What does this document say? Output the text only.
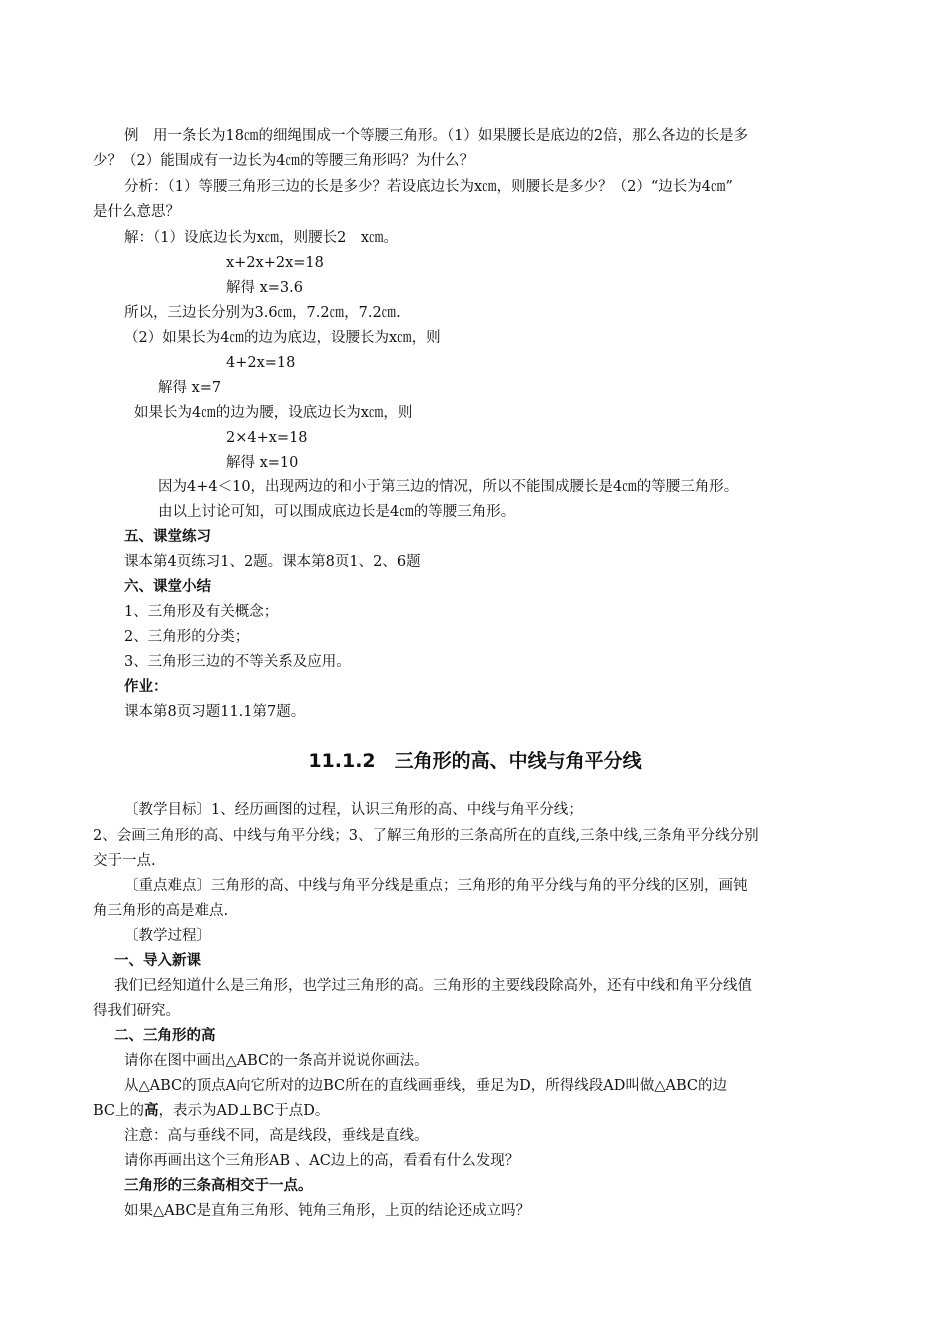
例　用一条长为18㎝的细绳围成一个等腰三角形。（1）如果腰长是底边的2倍，那么各边的长是多
少？（2）能围成有一边长为4㎝的等腰三角形吗？为什么？
分析：（1）等腰三角形三边的长是多少？若设底边长为x㎝，则腰长是多少？（2）“边长为4㎝”
是什么意思？
解：（1）设底边长为x㎝，则腰长2　x㎝。
x+2x+2x=18
解得 x=3.6
所以，三边长分别为3.6㎝，7.2㎝，7.2㎝.
（2）如果长为4㎝的边为底边，设腰长为x㎝，则
4+2x=18
解得 x=7
如果长为4㎝的边为腰，设底边长为x㎝，则
2×4+x=18
解得 x=10
因为4+4＜10，出现两边的和小于第三边的情况，所以不能围成腰长是4㎝的等腰三角形。
由以上讨论可知，可以围成底边长是4㎝的等腰三角形。
五、课堂练习
课本第4页练习1、2题。课本第8页1、2、6题
六、课堂小结
1、三角形及有关概念；
2、三角形的分类；
3、三角形三边的不等关系及应用。
作业：
课本第8页习题11.1第7题。
11.1.2　三角形的高、中线与角平分线
〔教学目标〕1、经历画图的过程，认识三角形的高、中线与角平分线；
2、会画三角形的高、中线与角平分线；3、了解三角形的三条高所在的直线,三条中线,三条角平分线分别
交于一点.
〔重点难点〕三角形的高、中线与角平分线是重点；三角形的角平分线与角的平分线的区别，画钝
角三角形的高是难点.
〔教学过程〕
一、导入新课
我们已经知道什么是三角形，也学过三角形的高。三角形的主要线段除高外，还有中线和角平分线值
得我们研究。
二、三角形的高
请你在图中画出△ABC的一条高并说说你画法。
从△ABC的顶点A向它所对的边BC所在的直线画垂线，垂足为D，所得线段AD叫做△ABC的边
BC上的高，表示为AD⊥BC于点D。
注意：高与垂线不同，高是线段，垂线是直线。
请你再画出这个三角形AB 、AC边上的高，看看有什么发现？
三角形的三条高相交于一点。
如果△ABC是直角三角形、钝角三角形，上页的结论还成立吗？
